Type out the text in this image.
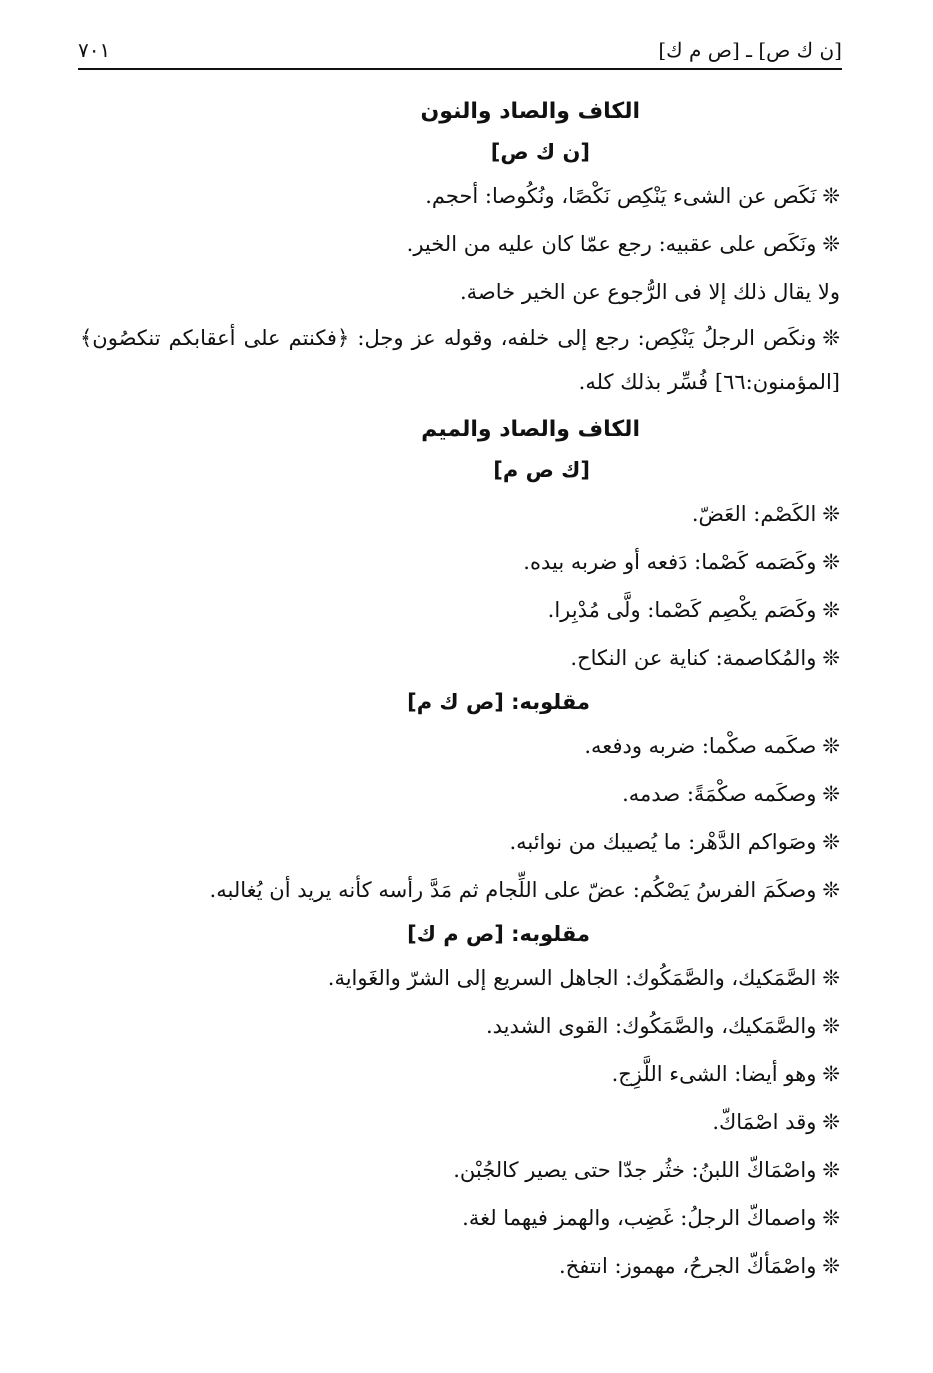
[ن ك ص] ـ [ص م ك]
٧٠١
الكاف والصاد والنون
[ن ك ص]

❊نَكَص عن الشىء يَنْكِص نَكْصًا، ونُكُوصا: أحجم.

❊ونَكَص على عقبيه: رجع عمّا كان عليه من الخير.

ولا يقال ذلك إلا فى الرُّجوع عن الخير خاصة.

❊ونكَص الرجلُ يَنْكِص: رجع إلى خلفه، وقوله عز وجل: ﴿فكنتم على أعقابكم تنكصُون﴾ [المؤمنون:٦٦] فُسِّر بذلك كله.

الكاف والصاد والميم
[ك ص م]

❊الكَصْم: العَضّ.

❊وكَصَمه كَصْما: دَفعه أو ضربه بيده.

❊وكَصَم يكْصِم كَصْما: ولَّى مُدْبِرا.

❊والمُكاصمة: كناية عن النكاح.

مقلوبه: [ص ك م]

❊صكَمه صكْما: ضربه ودفعه.

❊وصكَمه صكْمَةً: صدمه.

❊وصَواكم الدَّهْر: ما يُصيبك من نوائبه.

❊وصكَمَ الفرسُ يَصْكُم: عضّ على اللِّجام ثم مَدَّ رأسه كأنه يريد أن يُغالبه.

مقلوبه: [ص م ك]

❊الصَّمَكيك، والصَّمَكُوك: الجاهل السريع إلى الشرّ والغَواية.

❊والصَّمَكيك، والصَّمَكُوك: القوى الشديد.

❊وهو أيضا: الشىء اللَّزِج.

❊وقد اصْمَاكّ.

❊واصْمَاكّ اللبنُ: خثُر جدّا حتى يصير كالجُبْن.

❊واصماكّ الرجلُ: غَضِب، والهمز فيهما لغة.

❊واصْمَأكّ الجرحُ، مهموز: انتفخ.
